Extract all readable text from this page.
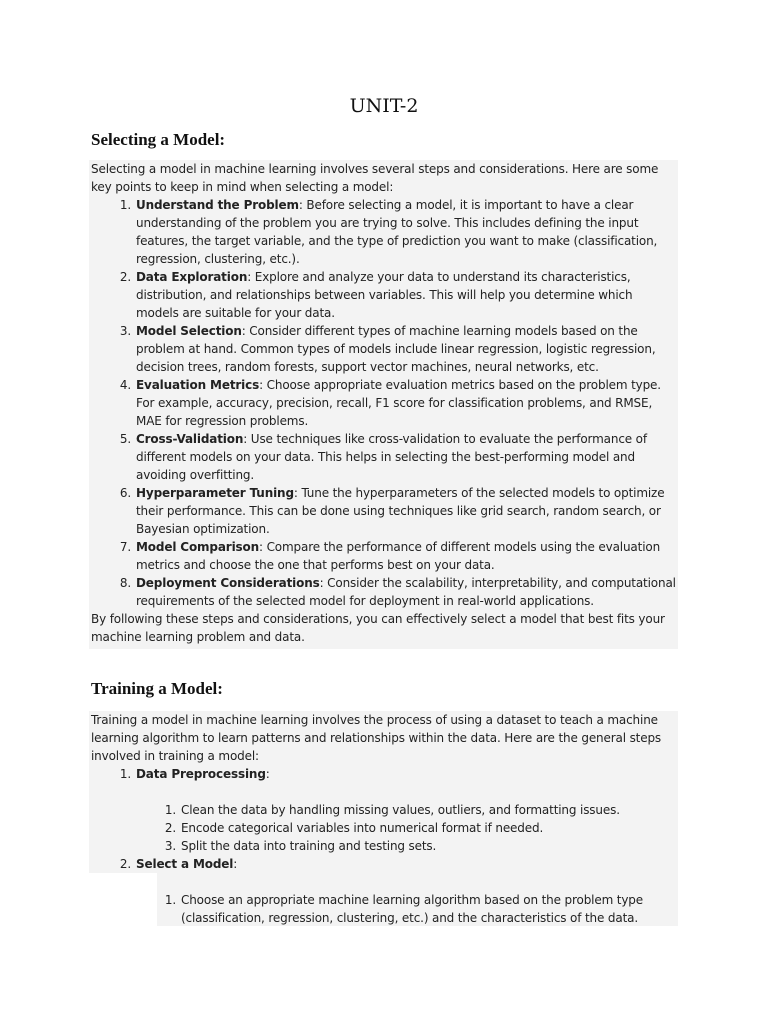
UNIT-2
Selecting a Model:

Selecting a model in machine learning involves several steps and considerations. Here are some key points to keep in mind when selecting a model:

1. Understand the Problem: Before selecting a model, it is important to have a clear understanding of the problem you are trying to solve. This includes defining the input features, the target variable, and the type of prediction you want to make (classification, regression, clustering, etc.).
2. Data Exploration: Explore and analyze your data to understand its characteristics, distribution, and relationships between variables. This will help you determine which models are suitable for your data.
3. Model Selection: Consider different types of machine learning models based on the problem at hand. Common types of models include linear regression, logistic regression, decision trees, random forests, support vector machines, neural networks, etc.
4. Evaluation Metrics: Choose appropriate evaluation metrics based on the problem type. For example, accuracy, precision, recall, F1 score for classification problems, and RMSE, MAE for regression problems.
5. Cross-Validation: Use techniques like cross-validation to evaluate the performance of different models on your data. This helps in selecting the best-performing model and avoiding overfitting.
6. Hyperparameter Tuning: Tune the hyperparameters of the selected models to optimize their performance. This can be done using techniques like grid search, random search, or Bayesian optimization.
7. Model Comparison: Compare the performance of different models using the evaluation metrics and choose the one that performs best on your data.
8. Deployment Considerations: Consider the scalability, interpretability, and computational requirements of the selected model for deployment in real-world applications.

By following these steps and considerations, you can effectively select a model that best fits your machine learning problem and data.

Training a Model:

Training a model in machine learning involves the process of using a dataset to teach a machine learning algorithm to learn patterns and relationships within the data. Here are the general steps involved in training a model:

1. Data Preprocessing:
1. Clean the data by handling missing values, outliers, and formatting issues.
2. Encode categorical variables into numerical format if needed.
3. Split the data into training and testing sets.
2. Select a Model:
1. Choose an appropriate machine learning algorithm based on the problem type (classification, regression, clustering, etc.) and the characteristics of the data.
